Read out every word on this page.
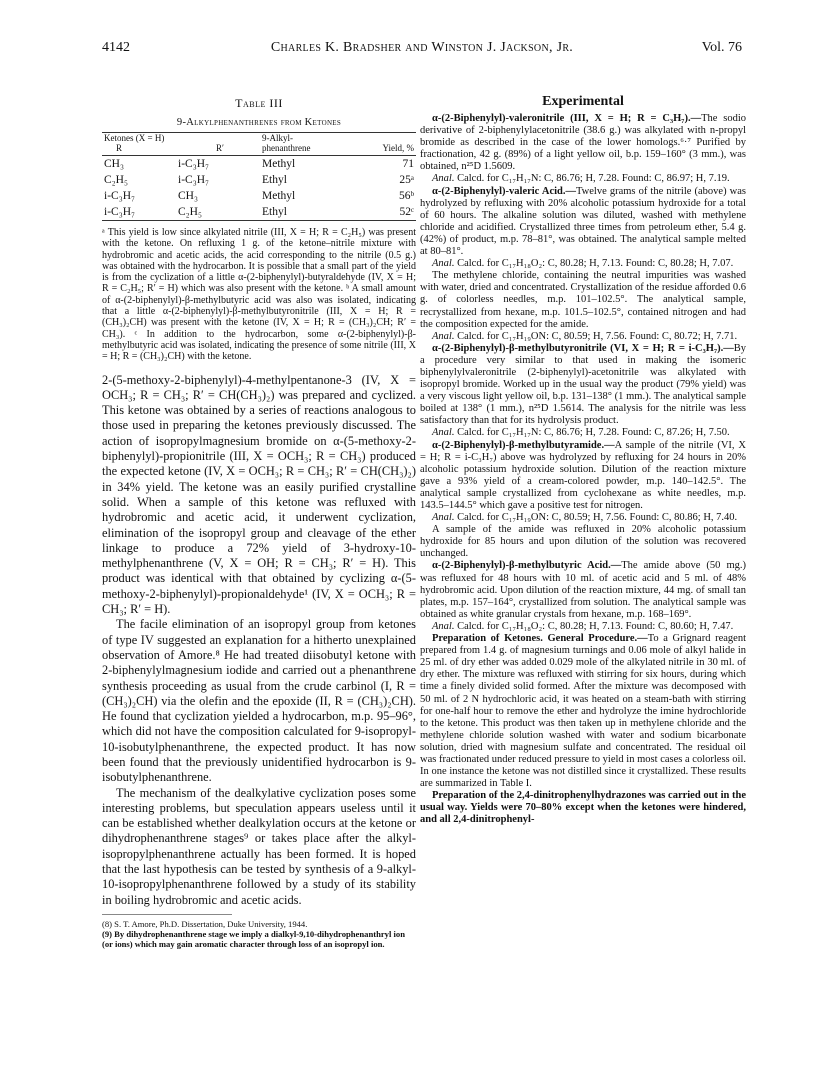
4142	Charles K. Bradsher and Winston J. Jackson, Jr.	Vol. 76
Table III
9-Alkylphenanthrenes from Ketones
Ketones (X = H)
R R′		9-Alkyl-
phenanthrene	Yield, %
CH₃	i-C₃H₇	Methyl	71
C₂H₅	i-C₃H₇	Ethyl	25ᵃ
i-C₃H₇	CH₃	Methyl	56ᵇ
i-C₃H₇	C₂H₅	Ethyl	52ᶜ
ᵃ This yield is low since alkylated nitrile (III, X = H; R = C₂H₅) was present with the ketone. On refluxing 1 g. of the ketone–nitrile mixture with hydrobromic and acetic acids, the acid corresponding to the nitrile (0.5 g.) was obtained with the hydrocarbon. It is possible that a small part of the yield is from the cyclization of a little α-(2-biphenylyl)-butyraldehyde (IV, X = H; R = C₂H₅; R′ = H) which was also present with the ketone. ᵇ A small amount of α-(2-biphenylyl)-β-methylbutyric acid was also was isolated, indicating that a little α-(2-biphenylyl)-β-methylbutyronitrile (III, X = H; R = (CH₃)₂CH) was present with the ketone (IV, X = H; R = (CH₃)₂CH; R′ = CH₃). ᶜ In addition to the hydrocarbon, some α-(2-biphenylyl)-β-methylbutyric acid was isolated, indicating the presence of some nitrile (III, X = H; R = (CH₃)₂CH) with the ketone.

2-(5-methoxy-2-biphenylyl)-4-methylpentanone-3 (IV, X = OCH₃; R = CH₃; R′ = CH(CH₃)₂) was prepared and cyclized. This ketone was obtained by a series of reactions analogous to those used in preparing the ketones previously discussed. The action of isopropylmagnesium bromide on α-(5-methoxy-2-biphenylyl)-propionitrile (III, X = OCH₃; R = CH₃) produced the expected ketone (IV, X = OCH₃; R = CH₃; R′ = CH(CH₃)₂) in 34% yield. The ketone was an easily purified crystalline solid. When a sample of this ketone was refluxed with hydrobromic and acetic acid, it underwent cyclization, elimination of the isopropyl group and cleavage of the ether linkage to produce a 72% yield of 3-hydroxy-10-methylphenanthrene (V, X = OH; R = CH₃; R′ = H). This product was identical with that obtained by cyclizing α-(5-methoxy-2-biphenylyl)-propionaldehyde¹ (IV, X = OCH₃; R = CH₃; R′ = H).

The facile elimination of an isopropyl group from ketones of type IV suggested an explanation for a hitherto unexplained observation of Amore.⁸ He had treated diisobutyl ketone with 2-biphenylylmagnesium iodide and carried out a phenanthrene synthesis proceeding as usual from the crude carbinol (I, R = (CH₃)₂CH) via the olefin and the epoxide (II, R = (CH₃)₂CH). He found that cyclization yielded a hydrocarbon, m.p. 95–96°, which did not have the composition calculated for 9-isopropyl-10-isobutylphenanthrene, the expected product. It has now been found that the previously unidentified hydrocarbon is 9-isobutylphenanthrene.

The mechanism of the dealkylative cyclization poses some interesting problems, but speculation appears useless until it can be established whether dealkylation occurs at the ketone or dihydrophenanthrene stages⁹ or takes place after the alkyl-isopropylphenanthrene actually has been formed. It is hoped that the last hypothesis can be tested by synthesis of a 9-alkyl-10-isopropylphenanthrene followed by a study of its stability in boiling hydrobromic and acetic acids.

(8) S. T. Amore, Ph.D. Dissertation, Duke University, 1944.
(9) By dihydrophenanthrene stage we imply a dialkyl-9,10-dihydrophenanthryl ion (or ions) which may gain aromatic character through loss of an isopropyl ion.
Experimental

α-(2-Biphenylyl)-valeronitrile (III, X = H; R = C₃H₇).—The sodio derivative of 2-biphenylylacetonitrile (38.6 g.) was alkylated with n-propyl bromide as described in the case of the lower homologs.⁶·⁷ Purified by fractionation, 42 g. (89%) of a light yellow oil, b.p. 159–160° (3 mm.), was obtained, n²⁵D 1.5609.

Anal. Calcd. for C₁₇H₁₇N: C, 86.76; H, 7.28. Found: C, 86.97; H, 7.19.

α-(2-Biphenylyl)-valeric Acid.—Twelve grams of the nitrile (above) was hydrolyzed by refluxing with 20% alcoholic potassium hydroxide for a total of 60 hours. The alkaline solution was diluted, washed with methylene chloride and acidified. Crystallized three times from petroleum ether, 5.4 g. (42%) of product, m.p. 78–81°, was obtained. The analytical sample melted at 80–81°.

Anal. Calcd. for C₁₇H₁₈O₂: C, 80.28; H, 7.13. Found: C, 80.28; H, 7.07.

The methylene chloride, containing the neutral impurities was washed with water, dried and concentrated. Crystallization of the residue afforded 0.6 g. of colorless needles, m.p. 101–102.5°. The analytical sample, recrystallized from hexane, m.p. 101.5–102.5°, contained nitrogen and had the composition expected for the amide.

Anal. Calcd. for C₁₇H₁₉ON: C, 80.59; H, 7.56. Found: C, 80.72; H, 7.71.

α-(2-Biphenylyl)-β-methylbutyronitrile (VI, X = H; R = i-C₃H₇).—By a procedure very similar to that used in making the isomeric biphenylylvaleronitrile (2-biphenylyl)-acetonitrile was alkylated with isopropyl bromide. Worked up in the usual way the product (79% yield) was a very viscous light yellow oil, b.p. 131–138° (1 mm.). The analytical sample boiled at 138° (1 mm.), n²⁵D 1.5614. The analysis for the nitrile was less satisfactory than that for its hydrolysis product.

Anal. Calcd. for C₁₇H₁₇N: C, 86.76; H, 7.28. Found: C, 87.26; H, 7.50.

α-(2-Biphenylyl)-β-methylbutyramide.—A sample of the nitrile (VI, X = H; R = i-C₃H₇) above was hydrolyzed by refluxing for 24 hours in 20% alcoholic potassium hydroxide solution. Dilution of the reaction mixture gave a 93% yield of a cream-colored powder, m.p. 140–142.5°. The analytical sample crystallized from cyclohexane as white needles, m.p. 143.5–144.5° which gave a positive test for nitrogen.

Anal. Calcd. for C₁₇H₁₉ON: C, 80.59; H, 7.56. Found: C, 80.86; H, 7.40.

A sample of the amide was refluxed in 20% alcoholic potassium hydroxide for 85 hours and upon dilution of the solution was recovered unchanged.

α-(2-Biphenylyl)-β-methylbutyric Acid.—The amide above (50 mg.) was refluxed for 48 hours with 10 ml. of acetic acid and 5 ml. of 48% hydrobromic acid. Upon dilution of the reaction mixture, 44 mg. of small tan plates, m.p. 157–164°, crystallized from solution. The analytical sample was obtained as white granular crystals from hexane, m.p. 168–169°.

Anal. Calcd. for C₁₇H₁₈O₂: C, 80.28; H, 7.13. Found: C, 80.60; H, 7.47.

Preparation of Ketones. General Procedure.—To a Grignard reagent prepared from 1.4 g. of magnesium turnings and 0.06 mole of alkyl halide in 25 ml. of dry ether was added 0.029 mole of the alkylated nitrile in 30 ml. of dry ether. The mixture was refluxed with stirring for six hours, during which time a finely divided solid formed. After the mixture was decomposed with 50 ml. of 2 N hydrochloric acid, it was heated on a steam-bath with stirring for one-half hour to remove the ether and hydrolyze the imine hydrochloride to the ketone. This product was then taken up in methylene chloride and the methylene chloride solution washed with water and sodium bicarbonate solution, dried with magnesium sulfate and concentrated. The residual oil was fractionated under reduced pressure to yield in most cases a colorless oil. In one instance the ketone was not distilled since it crystallized. These results are summarized in Table I.

Preparation of the 2,4-dinitrophenylhydrazones was carried out in the usual way. Yields were 70–80% except when the ketones were hindered, and all 2,4-dinitrophenyl-
